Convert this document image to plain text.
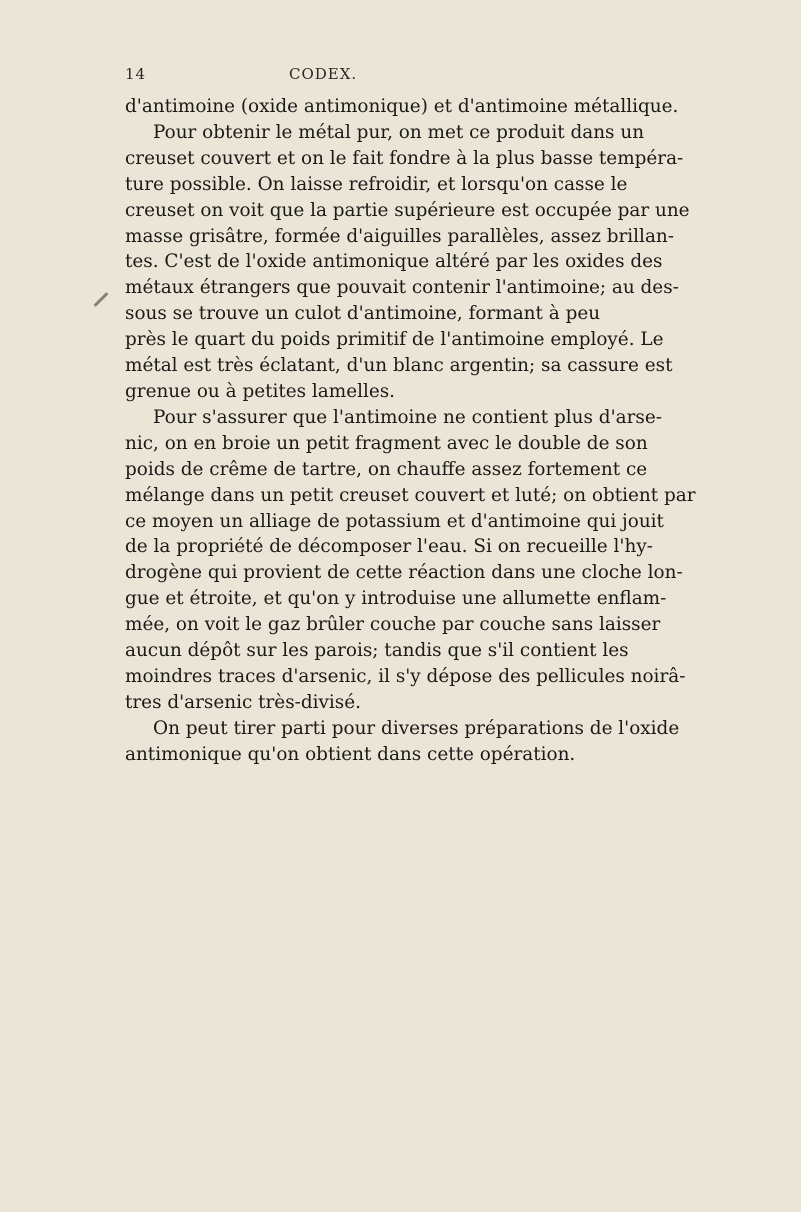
14	CODEX.

d'antimoine (oxide antimonique) et d'antimoine métallique.
Pour obtenir le métal pur, on met ce produit dans un
creuset couvert et on le fait fondre à la plus basse tempéra-
ture possible. On laisse refroidir, et lorsqu'on casse le
creuset on voit que la partie supérieure est occupée par une
masse grisâtre, formée d'aiguilles parallèles, assez brillan-
tes. C'est de l'oxide antimonique altéré par les oxides des
métaux étrangers que pouvait contenir l'antimoine; au des-
sous se trouve un culot d'antimoine, formant à peu
près le quart du poids primitif de l'antimoine employé. Le
métal est très éclatant, d'un blanc argentin; sa cassure est
grenue ou à petites lamelles.

Pour s'assurer que l'antimoine ne contient plus d'arse-
nic, on en broie un petit fragment avec le double de son
poids de crême de tartre, on chauffe assez fortement ce
mélange dans un petit creuset couvert et luté; on obtient par
ce moyen un alliage de potassium et d'antimoine qui jouit
de la propriété de décomposer l'eau. Si on recueille l'hy-
drogène qui provient de cette réaction dans une cloche lon-
gue et étroite, et qu'on y introduise une allumette enflam-
mée, on voit le gaz brûler couche par couche sans laisser
aucun dépôt sur les parois; tandis que s'il contient les
moindres traces d'arsenic, il s'y dépose des pellicules noirâ-
tres d'arsenic très-divisé.

On peut tirer parti pour diverses préparations de l'oxide
antimonique qu'on obtient dans cette opération.
